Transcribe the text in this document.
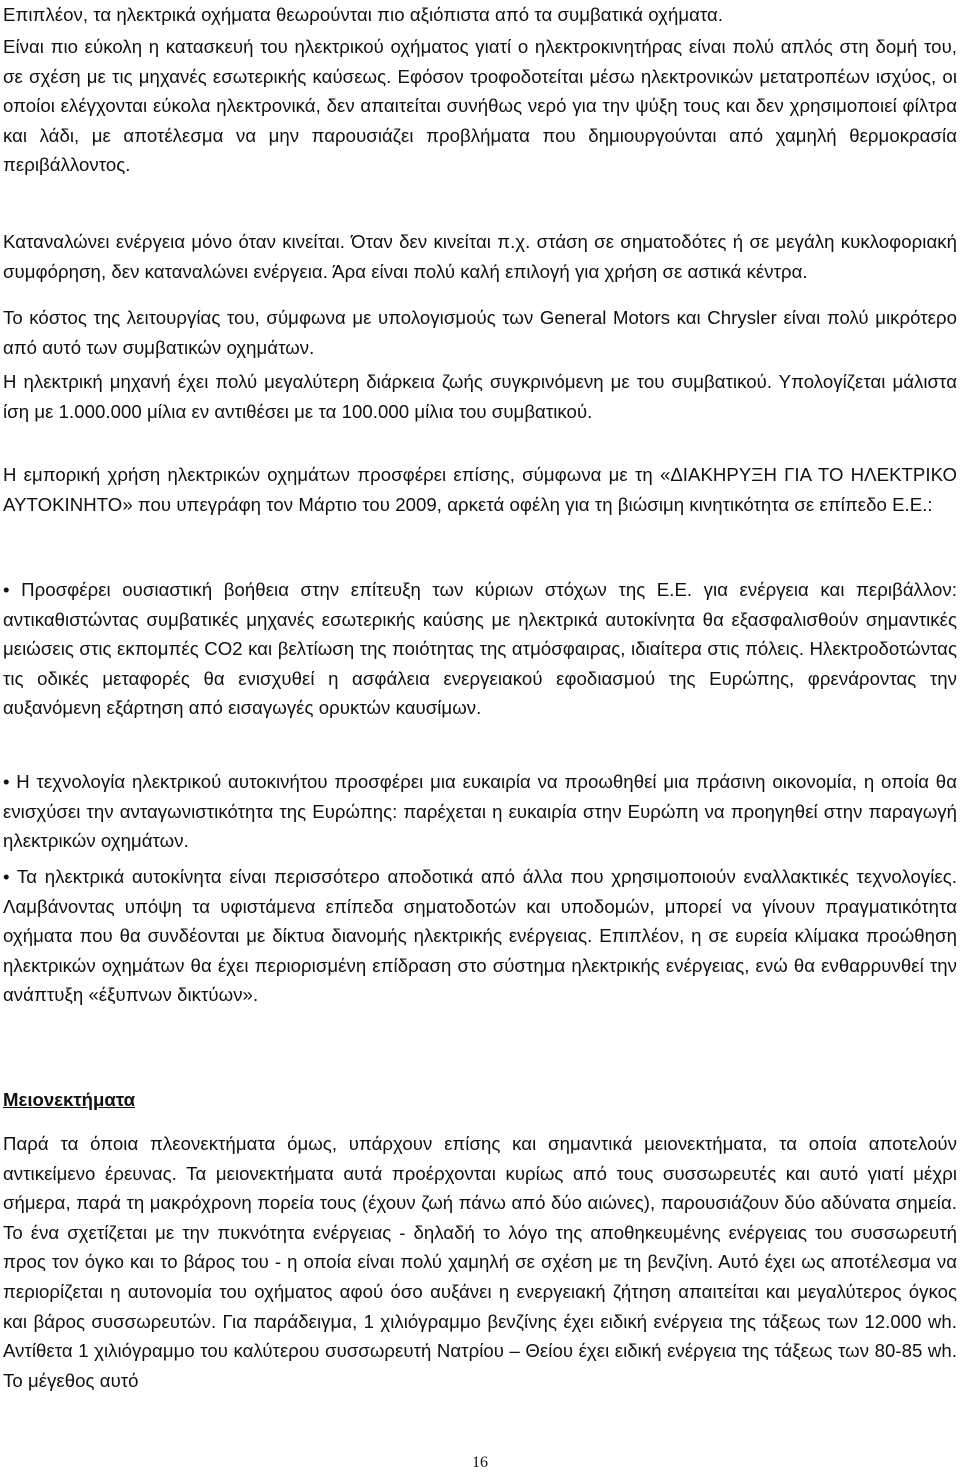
Επιπλέον, τα ηλεκτρικά οχήματα θεωρούνται πιο αξιόπιστα από τα συμβατικά οχήματα.

Είναι πιο εύκολη η κατασκευή του ηλεκτρικού οχήματος γιατί ο ηλεκτροκινητήρας είναι πολύ απλός στη δομή του, σε σχέση με τις μηχανές εσωτερικής καύσεως. Εφόσον τροφοδοτείται μέσω ηλεκτρονικών μετατροπέων ισχύος, οι οποίοι ελέγχονται εύκολα ηλεκτρονικά, δεν απαιτείται συνήθως νερό για την ψύξη τους και δεν χρησιμοποιεί φίλτρα και λάδι, με αποτέλεσμα να μην παρουσιάζει προβλήματα που δημιουργούνται από χαμηλή θερμοκρασία περιβάλλοντος.

Καταναλώνει ενέργεια μόνο όταν κινείται. Όταν δεν κινείται π.χ. στάση σε σηματοδότες ή σε μεγάλη κυκλοφοριακή συμφόρηση, δεν καταναλώνει ενέργεια. Άρα είναι πολύ καλή επιλογή για χρήση σε αστικά κέντρα.

Το κόστος της λειτουργίας του, σύμφωνα με υπολογισμούς των General Motors και Chrysler είναι πολύ μικρότερο από αυτό των συμβατικών οχημάτων.

Η ηλεκτρική μηχανή έχει πολύ μεγαλύτερη διάρκεια ζωής συγκρινόμενη με του συμβατικού. Υπολογίζεται μάλιστα ίση με 1.000.000 μίλια εν αντιθέσει με τα 100.000 μίλια του συμβατικού.

Η εμπορική χρήση ηλεκτρικών οχημάτων προσφέρει επίσης, σύμφωνα με τη «ΔΙΑΚΗΡΥΞΗ ΓΙΑ ΤΟ ΗΛΕΚΤΡΙΚΟ ΑΥΤΟΚΙΝΗΤΟ» που υπεγράφη τον Μάρτιο του 2009, αρκετά οφέλη για τη βιώσιμη κινητικότητα σε επίπεδο Ε.Ε.:

• Προσφέρει ουσιαστική βοήθεια στην επίτευξη των κύριων στόχων της Ε.Ε. για ενέργεια και περιβάλλον: αντικαθιστώντας συμβατικές μηχανές εσωτερικής καύσης με ηλεκτρικά αυτοκίνητα θα εξασφαλισθούν σημαντικές μειώσεις στις εκπομπές CO2 και βελτίωση της ποιότητας της ατμόσφαιρας, ιδιαίτερα στις πόλεις. Ηλεκτροδοτώντας τις οδικές μεταφορές θα ενισχυθεί η ασφάλεια ενεργειακού εφοδιασμού της Ευρώπης, φρενάροντας την αυξανόμενη εξάρτηση από εισαγωγές ορυκτών καυσίμων.

• Η τεχνολογία ηλεκτρικού αυτοκινήτου προσφέρει μια ευκαιρία να προωθηθεί μια πράσινη οικονομία, η οποία θα ενισχύσει την ανταγωνιστικότητα της Ευρώπης: παρέχεται η ευκαιρία στην Ευρώπη να προηγηθεί στην παραγωγή ηλεκτρικών οχημάτων.

• Τα ηλεκτρικά αυτοκίνητα είναι περισσότερο αποδοτικά από άλλα που χρησιμοποιούν εναλλακτικές τεχνολογίες. Λαμβάνοντας υπόψη τα υφιστάμενα επίπεδα σηματοδοτών και υποδομών, μπορεί να γίνουν πραγματικότητα οχήματα που θα συνδέονται με δίκτυα διανομής ηλεκτρικής ενέργειας. Επιπλέον, η σε ευρεία κλίμακα προώθηση ηλεκτρικών οχημάτων θα έχει περιορισμένη επίδραση στο σύστημα ηλεκτρικής ενέργειας, ενώ θα ενθαρρυνθεί την ανάπτυξη «έξυπνων δικτύων».

Μειονεκτήματα

Παρά τα όποια πλεονεκτήματα όμως, υπάρχουν επίσης και σημαντικά μειονεκτήματα, τα οποία αποτελούν αντικείμενο έρευνας. Τα μειονεκτήματα αυτά προέρχονται κυρίως από τους συσσωρευτές και αυτό γιατί μέχρι σήμερα, παρά τη μακρόχρονη πορεία τους (έχουν ζωή πάνω από δύο αιώνες), παρουσιάζουν δύο αδύνατα σημεία. Το ένα σχετίζεται με την πυκνότητα ενέργειας - δηλαδή το λόγο της αποθηκευμένης ενέργειας του συσσωρευτή προς τον όγκο και το βάρος του - η οποία είναι πολύ χαμηλή σε σχέση με τη βενζίνη. Αυτό έχει ως αποτέλεσμα να περιορίζεται η αυτονομία του οχήματος αφού όσο αυξάνει η ενεργειακή ζήτηση απαιτείται και μεγαλύτερος όγκος και βάρος συσσωρευτών. Για παράδειγμα, 1 χιλιόγραμμο βενζίνης έχει ειδική ενέργεια της τάξεως των 12.000 wh. Αντίθετα 1 χιλιόγραμμο του καλύτερου συσσωρευτή Νατρίου – Θείου έχει ειδική ενέργεια της τάξεως των 80-85 wh. Το μέγεθος αυτό

16
